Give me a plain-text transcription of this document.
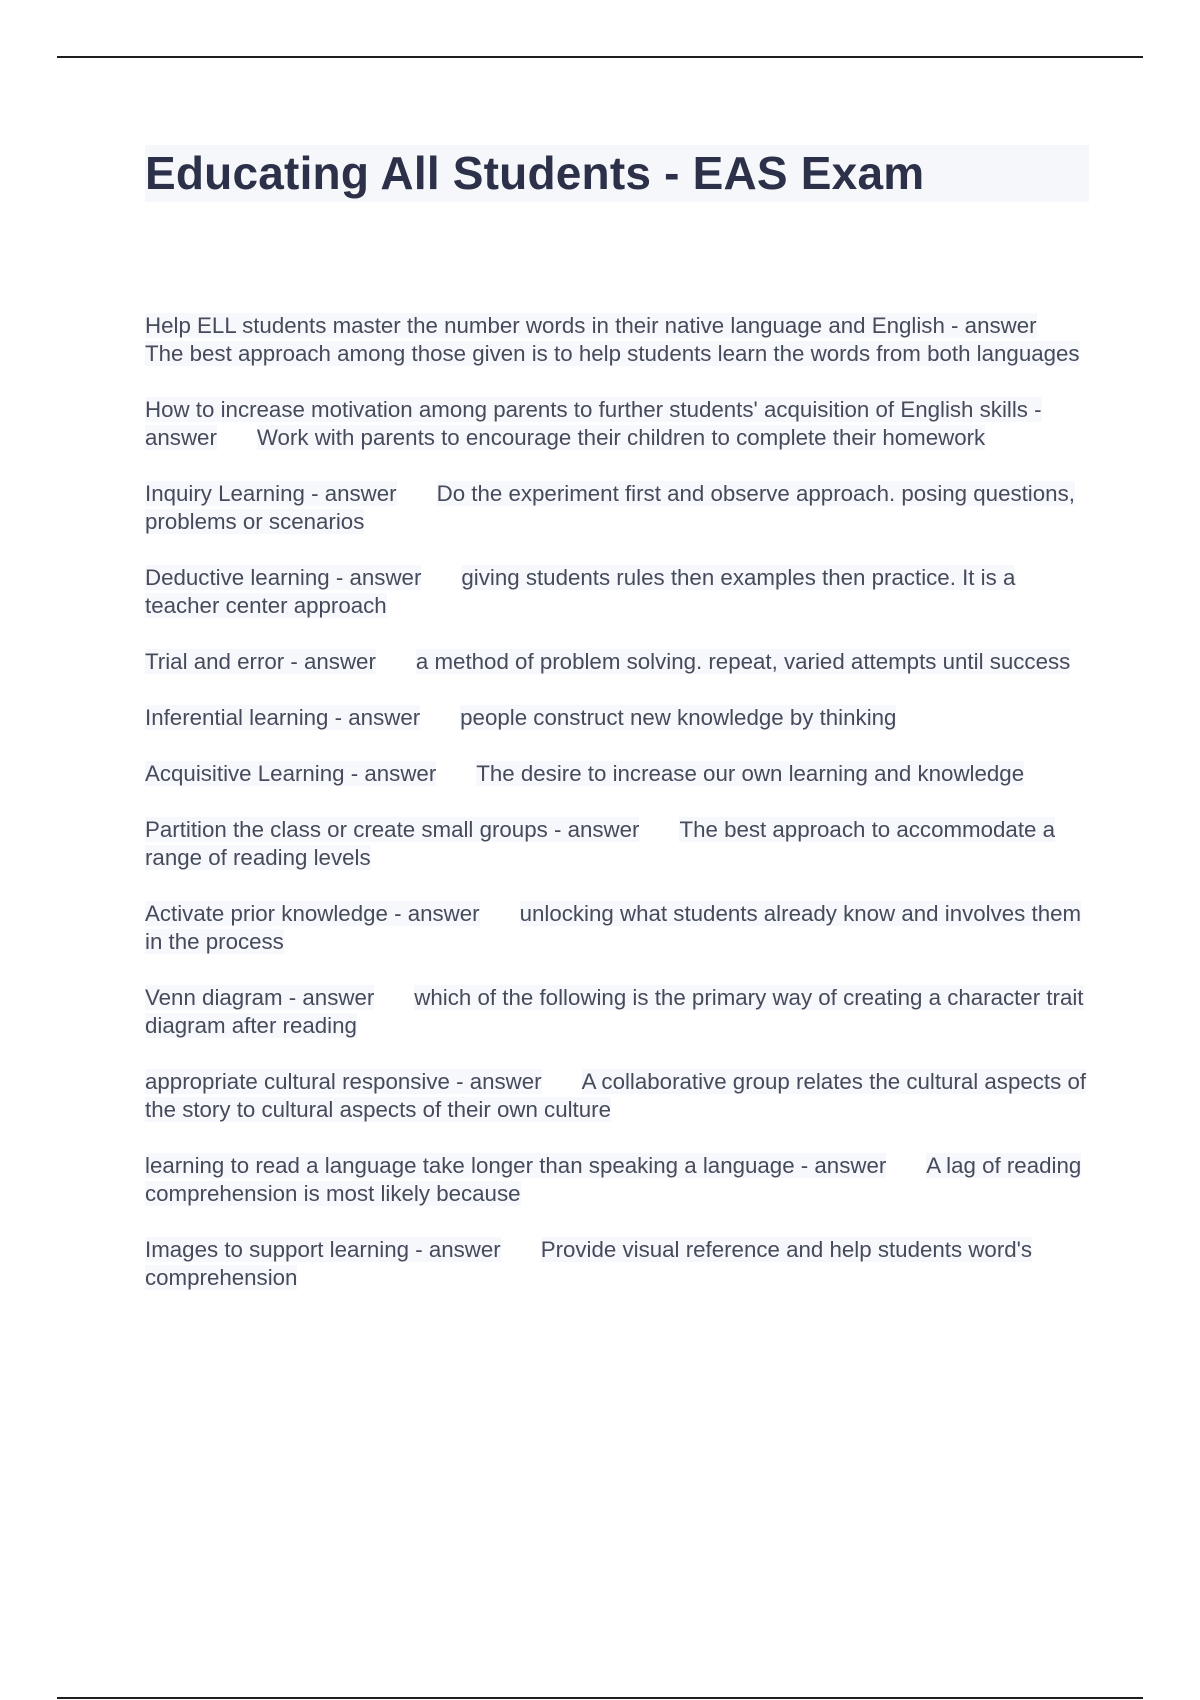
Educating All Students - EAS Exam
Help ELL students master the number words in their native language and English - answerThe best approach among those given is to help students learn the words from both languages
How to increase motivation among parents to further students' acquisition of English skills - answer Work with parents to encourage their children to complete their homework
Inquiry Learning - answer Do the experiment first and observe approach. posing questions, problems or scenarios
Deductive learning - answer giving students rules then examples then practice. It is a teacher center approach
Trial and error - answer a method of problem solving. repeat, varied attempts until success
Inferential learning - answer people construct new knowledge by thinking
Acquisitive Learning - answer The desire to increase our own learning and knowledge
Partition the class or create small groups - answer The best approach to accommodate a range of reading levels
Activate prior knowledge - answer unlocking what students already know and involves them in the process
Venn diagram - answer which of the following is the primary way of creating a character trait diagram after reading
appropriate cultural responsive - answer A collaborative group relates the cultural aspects of the story to cultural aspects of their own culture
learning to read a language take longer than speaking a language - answer A lag of reading comprehension is most likely because
Images to support learning - answer Provide visual reference and help students word's comprehension
